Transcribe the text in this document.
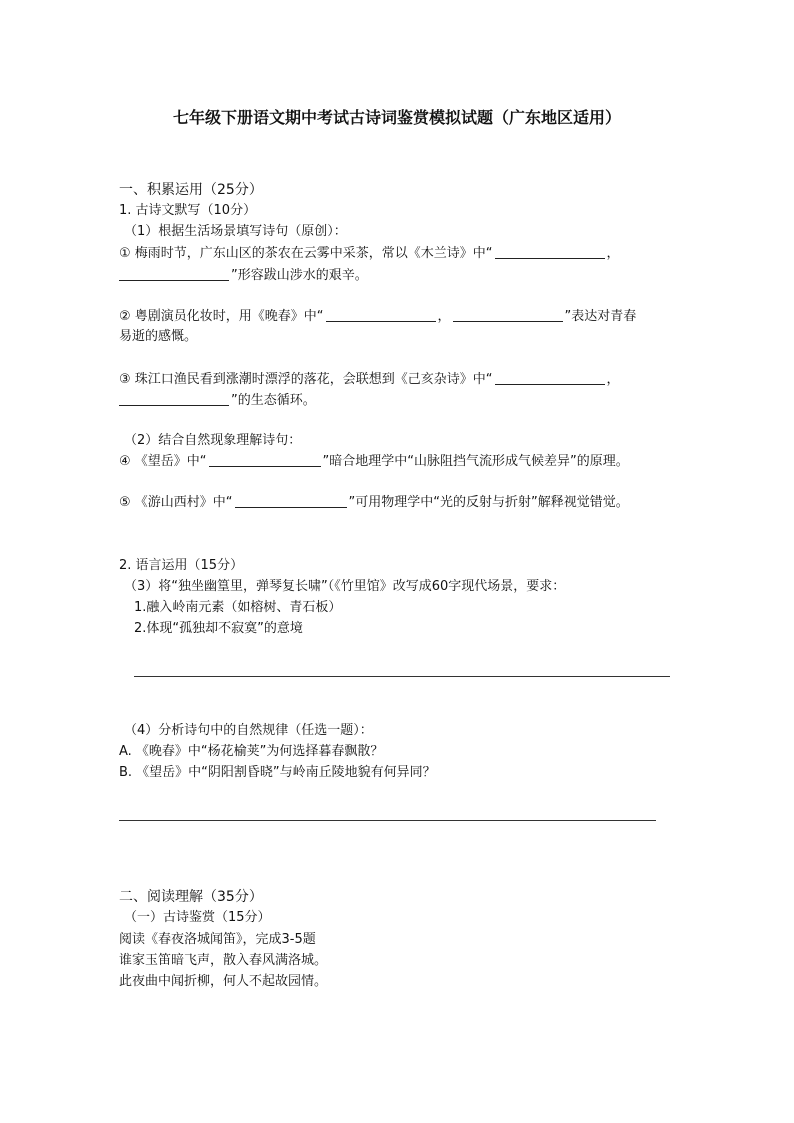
七年级下册语文期中考试古诗词鉴赏模拟试题（广东地区适用）
一、积累运用（25分）
1. 古诗文默写（10分）
（1）根据生活场景填写诗句（原创）：
① 梅雨时节，广东山区的茶农在云雾中采茶，常以《木兰诗》中“	，
”形容跋山涉水的艰辛。
② 粤剧演员化妆时，用《晚春》中“	，	”表达对青春
易逝的感慨。
③ 珠江口渔民看到涨潮时漂浮的落花，会联想到《己亥杂诗》中“	，
”的生态循环。
（2）结合自然现象理解诗句：
④ 《望岳》中“	”暗合地理学中“山脉阻挡气流形成气候差异”的原理。
⑤ 《游山西村》中“	”可用物理学中“光的反射与折射”解释视觉错觉。
2. 语言运用（15分）
（3）将“独坐幽篁里，弹琴复长啸”（《竹里馆》改写成60字现代场景，要求：
1.融入岭南元素（如榕树、青石板）
2.体现“孤独却不寂寞”的意境
（4）分析诗句中的自然规律（任选一题）：
A. 《晚春》中“杨花榆荚”为何选择暮春飘散？
B. 《望岳》中“阴阳割昏晓”与岭南丘陵地貌有何异同？
二、阅读理解（35分）
（一）古诗鉴赏（15分）
阅读《春夜洛城闻笛》，完成3-5题
谁家玉笛暗飞声，散入春风满洛城。
此夜曲中闻折柳，何人不起故园情。
